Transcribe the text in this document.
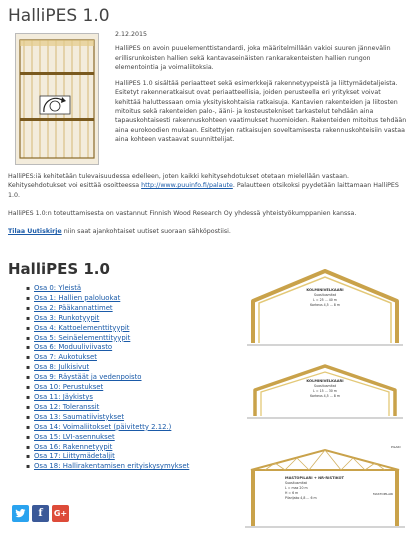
HalliPES 1.0

2.12.2015

HalliPES on avoin puuelementtistandardi, joka määritelmillään vakioi suuren jännevälin erillisrunkoisten hallien sekä kantavaseinäisten rankarakenteisten hallien rungon elementointia ja voimaliitoksia.

HalliPES 1.0 sisältää periaatteet sekä esimerkkejä rakennetyypeistä ja liittymädetaljeista. Esitetyt rakenneratkaisut ovat periaatteellisia, joiden perusteella eri yritykset voivat kehittää haluttessaan omia yksityiskohtaisia ratkaisuja. Kantavien rakenteiden ja liitosten mitoitus sekä rakenteiden palo-, ääni- ja kosteustekniset tarkastelut tehdään aina tapauskohtaisesti rakennuskohteen vaatimukset huomioiden. Rakenteiden mitoitus tehdään aina eurokoodien mukaan. Esitettyjen ratkaisujen soveltamisesta rakennuskohteisiin vastaa aina kohteen vastaavat suunnittelijat.

HalliPES:iä kehitetään tulevaisuudessa edelleen, joten kaikki kehitysehdotukset otetaan mielellään vastaan. Kehitysehdotukset voi esittää osoitteessa http://www.puuinfo.fi/palaute. Palautteen otsikoksi pyydetään laittamaan HalliPES 1.0.

HalliPES 1.0:n toteuttamisesta on vastannut Finnish Wood Research Oy yhdessä yhteistyökumppanien kanssa.

Tilaa Uutiskirje niin saat ajankohtaiset uutiset suoraan sähköpostiisi.

HalliPES 1.0
▪ Osa 0: Yleistä
▪ Osa 1: Hallien paloluokat
▪ Osa 2: Pääkannattimet
▪ Osa 3: Runkotyypit
▪ Osa 4: Kattoelementtityypit
▪ Osa 5: Seinäelementtityypit
▪ Osa 6: Moduuliviivasto
▪ Osa 7: Aukotukset
▪ Osa 8: Julkisivut
▪ Osa 9: Räystäät ja vedenpoisto
▪ Osa 10: Perustukset
▪ Osa 11: Jäykistys
▪ Osa 12: Toleranssit
▪ Osa 13: Saumatiivistykset
▪ Osa 14: Voimaliitokset (päivitetty 2.12.)
▪ Osa 15: LVI-asennukset
▪ Osa 16: Rakennetyypit
▪ Osa 17: Liittymädetaljit
▪ Osa 18: Hallirakentamisen erityiskysymykset
KOLMINIVELKAARI
Suositusmitat
L = 25 ... 40 m
Korkeus 4,5 ... 8 m
KOLMINIVELKAARI
Suositusmitat
L = 15 ... 30 m
Korkeus 4,5 ... 8 m
MASTOPILARI + NR-RISTIKOT
Suositusmitat
L = max 20 m
H = 6 m
Pilarijako 4,8 ... 6 m
MASTOPILARI
PILARI
f	G+
